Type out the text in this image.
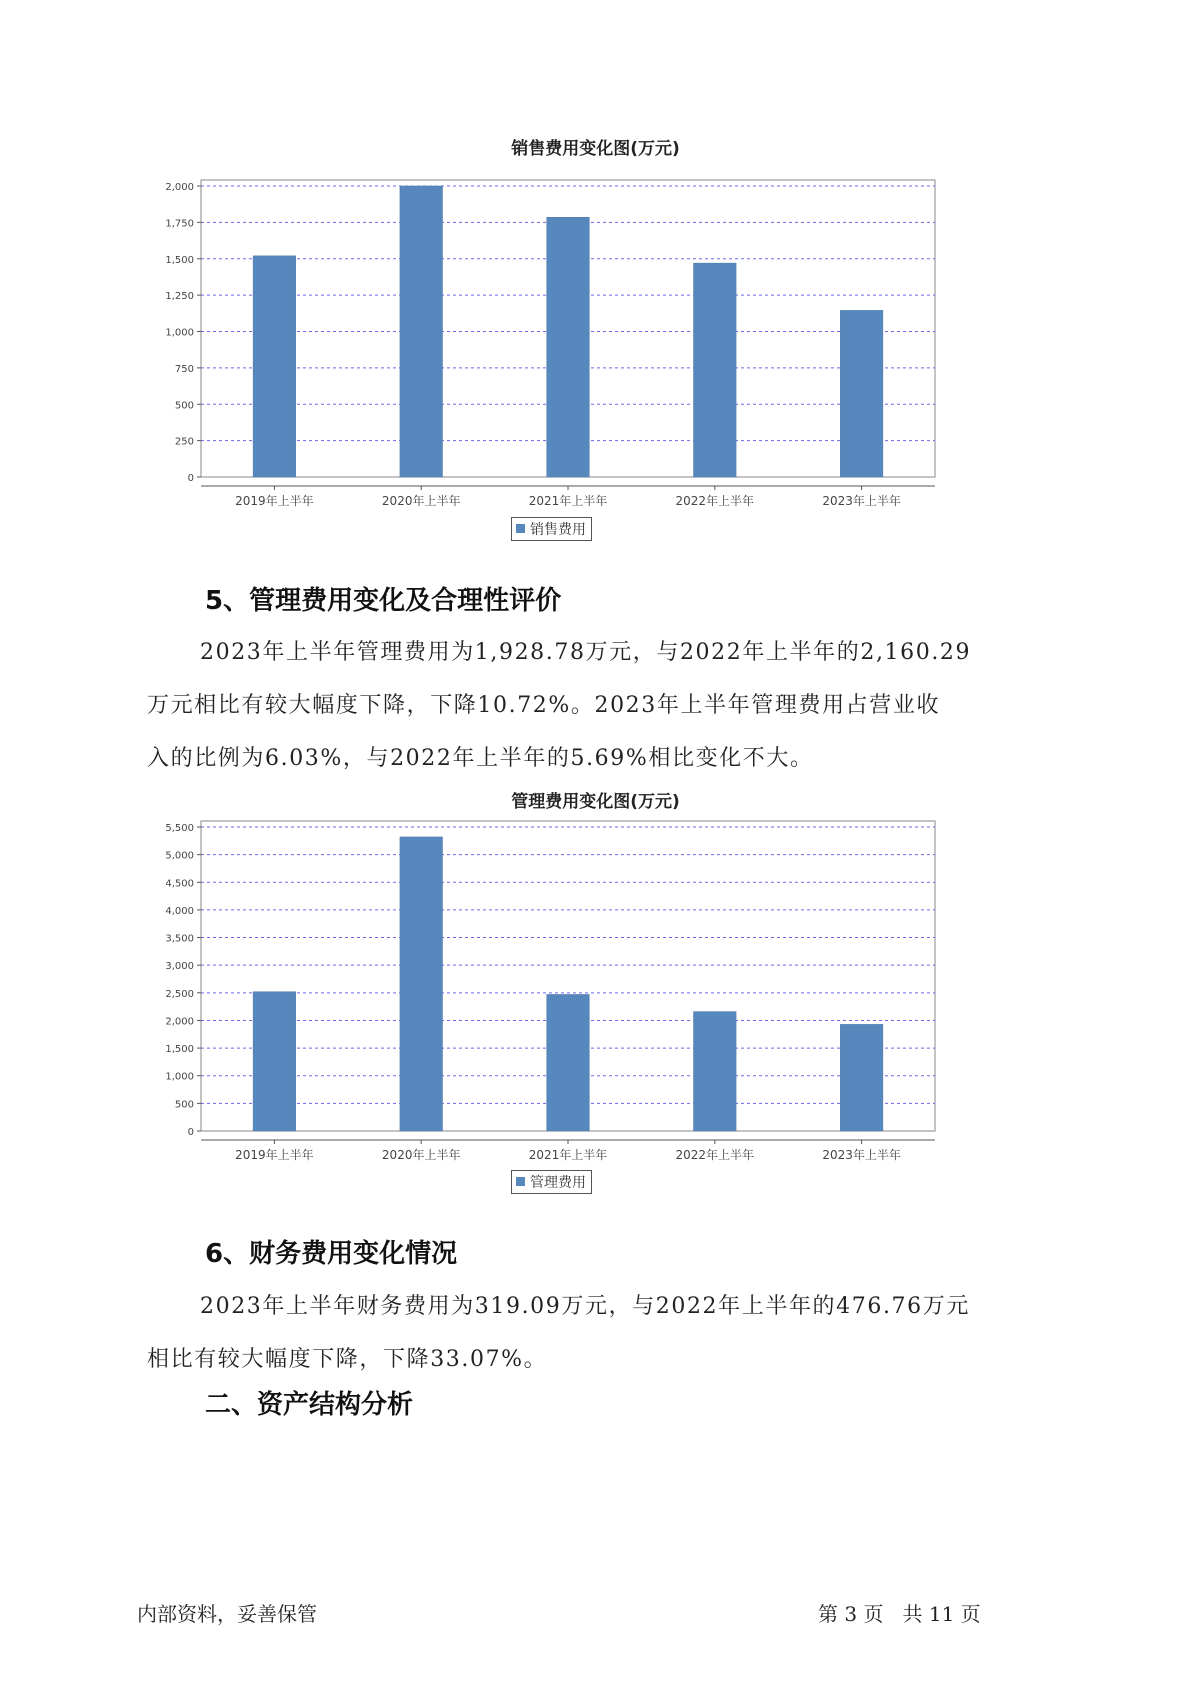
销售费用变化图(万元)
0
250
500
750
1,000
1,250
1,500
1,750
2,000
2019年上半年	2020年上半年	2021年上半年	2022年上半年	2023年上半年
销售费用
5、管理费用变化及合理性评价
2023年上半年管理费用为1,928.78万元，与2022年上半年的2,160.29
万元相比有较大幅度下降，下降10.72%。2023年上半年管理费用占营业收
入的比例为6.03%，与2022年上半年的5.69%相比变化不大。
管理费用变化图(万元)
0
500
1,000
1,500
2,000
2,500
3,000
3,500
4,000
4,500
5,000
5,500
2019年上半年	2020年上半年	2021年上半年	2022年上半年	2023年上半年
管理费用
6、财务费用变化情况
2023年上半年财务费用为319.09万元，与2022年上半年的476.76万元
相比有较大幅度下降，下降33.07%。
二、资产结构分析
内部资料，妥善保管	第 3 页   共 11 页
